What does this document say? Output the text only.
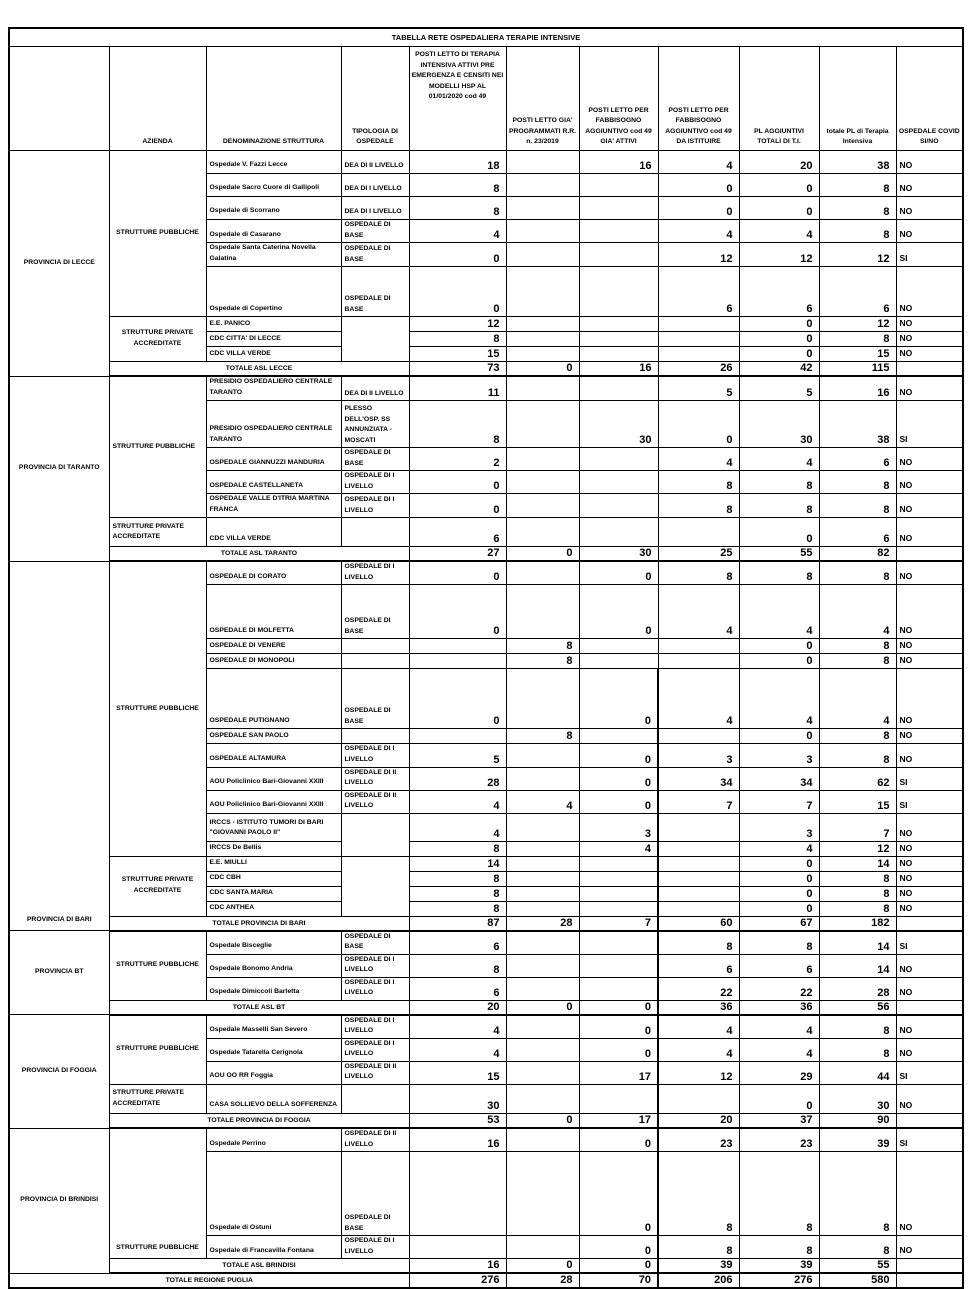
TABELLA RETE OSPEDALIERA TERAPIE INTENSIVE										
	AZIENDA	DENOMINAZIONE STRUTTURA	TIPOLOGIA DI OSPEDALE	POSTI LETTO DI TERAPIA INTENSIVA ATTIVI PRE EMERGENZA E CENSITI NEI MODELLI HSP AL 01/01/2020 cod 49	POSTI LETTO GIA' PROGRAMMATI R.R. n. 23/2019	POSTI LETTO PER FABBISOGNO AGGIUNTIVO cod 49 GIA' ATTIVI	POSTI LETTO PER FABBISOGNO AGGIUNTIVO cod 49 DA ISTITUIRE	PL AGGIUNTIVI TOTALI DI T.I.	totale PL di Terapia Intensiva	OSPEDALE COVID SI/NO
PROVINCIA DI LECCE	STRUTTURE PUBBLICHE	Ospedale V. Fazzi Lecce	DEA DI II LIVELLO	18		16	4	20	38	NO
		Ospedale Sacro Cuore di Gallipoli	DEA DI I LIVELLO	8			0	0	8	NO
		Ospedale di Scorrano	DEA DI I LIVELLO	8			0	0	8	NO
		Ospedale di Casarano	OSPEDALE DI BASE	4			4	4	8	NO
		Ospedale Santa Caterina Novella Galatina	OSPEDALE DI BASE	0			12	12	12	SI
		Ospedale di Copertino	OSPEDALE DI BASE	0			6	6	6	NO
	STRUTTURE PRIVATE ACCREDITATE	E.E. PANICO		12				0	12	NO
		CDC CITTA' DI LECCE		8				0	8	NO
		CDC VILLA VERDE		15				0	15	NO
	TOTALE ASL LECCE			73	0	16	26	42	115	
PROVINCIA DI TARANTO	STRUTTURE PUBBLICHE	PRESIDIO OSPEDALIERO CENTRALE TARANTO	DEA DI II LIVELLO	11			5	5	16	NO
		PRESIDIO OSPEDALIERO CENTRALE TARANTO	PLESSO DELL'OSP. SS ANNUNZIATA - MOSCATI	8		30	0	30	38	SI
		OSPEDALE GIANNUZZI MANDURIA	OSPEDALE DI BASE	2			4	4	6	NO
		OSPEDALE CASTELLANETA	OSPEDALE DI I LIVELLO	0			8	8	8	NO
		OSPEDALE VALLE D'ITRIA MARTINA FRANCA	OSPEDALE DI I LIVELLO	0			8	8	8	NO
	STRUTTURE PRIVATE ACCREDITATE	CDC VILLA VERDE		6				0	6	NO
	TOTALE ASL TARANTO			27	0	30	25	55	82	
PROVINCIA DI BARI	STRUTTURE PUBBLICHE	OSPEDALE DI CORATO	OSPEDALE DI I LIVELLO	0		0	8	8	8	NO
		OSPEDALE DI MOLFETTA	OSPEDALE DI BASE	0		0	4	4	4	NO
		OSPEDALE DI VENERE			8			0	8	NO
		OSPEDALE DI MONOPOLI			8			0	8	NO
		OSPEDALE PUTIGNANO	OSPEDALE DI BASE	0		0	4	4	4	NO
		OSPEDALE SAN PAOLO			8			0	8	NO
		OSPEDALE ALTAMURA	OSPEDALE DI I LIVELLO	5		0	3	3	8	NO
		AOU Policlinico Bari-Giovanni XXIII	OSPEDALE DI II LIVELLO	28		0	34	34	62	SI
		AOU Policlinico Bari-Giovanni XXIII	OSPEDALE DI II LIVELLO	4	4	0	7	7	15	SI
		IRCCS - ISTITUTO TUMORI DI BARI "GIOVANNI PAOLO II"		4		3		3	7	NO
		IRCCS De Bellis		8		4		4	12	NO
	STRUTTURE PRIVATE ACCREDITATE	E.E. MIULLI		14				0	14	NO
		CDC CBH		8				0	8	NO
		CDC SANTA MARIA		8				0	8	NO
		CDC ANTHEA		8				0	8	NO
	TOTALE PROVINCIA DI BARI			87	28	7	60	67	182	
PROVINCIA BT	STRUTTURE PUBBLICHE	Ospedale Bisceglie	OSPEDALE DI BASE	6			8	8	14	SI
		Ospedale Bonomo Andria	OSPEDALE DI I LIVELLO	8			6	6	14	NO
		Ospedale Dimiccoli Barletta	OSPEDALE DI I LIVELLO	6			22	22	28	NO
	TOTALE ASL BT			20	0	0	36	36	56	
PROVINCIA DI FOGGIA	STRUTTURE PUBBLICHE	Ospedale Masselli San Severo	OSPEDALE DI I LIVELLO	4		0	4	4	8	NO
		Ospedale Tatarella Cerignola	OSPEDALE DI I LIVELLO	4		0	4	4	8	NO
		AOU OO RR Foggia	OSPEDALE DI II LIVELLO	15		17	12	29	44	SI
	STRUTTURE PRIVATE ACCREDITATE	CASA SOLLIEVO DELLA SOFFERENZA		30				0	30	NO
	TOTALE PROVINCIA DI FOGGIA			53	0	17	20	37	90	
PROVINCIA DI BRINDISI	STRUTTURE PUBBLICHE	Ospedale Perrino	OSPEDALE DI II LIVELLO	16		0	23	23	39	SI
		Ospedale di Ostuni	OSPEDALE DI BASE			0	8	8	8	NO
		Ospedale di Francavilla Fontana	OSPEDALE DI I LIVELLO			0	8	8	8	NO
	TOTALE ASL BRINDISI			16	0	0	39	39	55	
TOTALE REGIONE PUGLIA				276	28	70	206	276	580	
